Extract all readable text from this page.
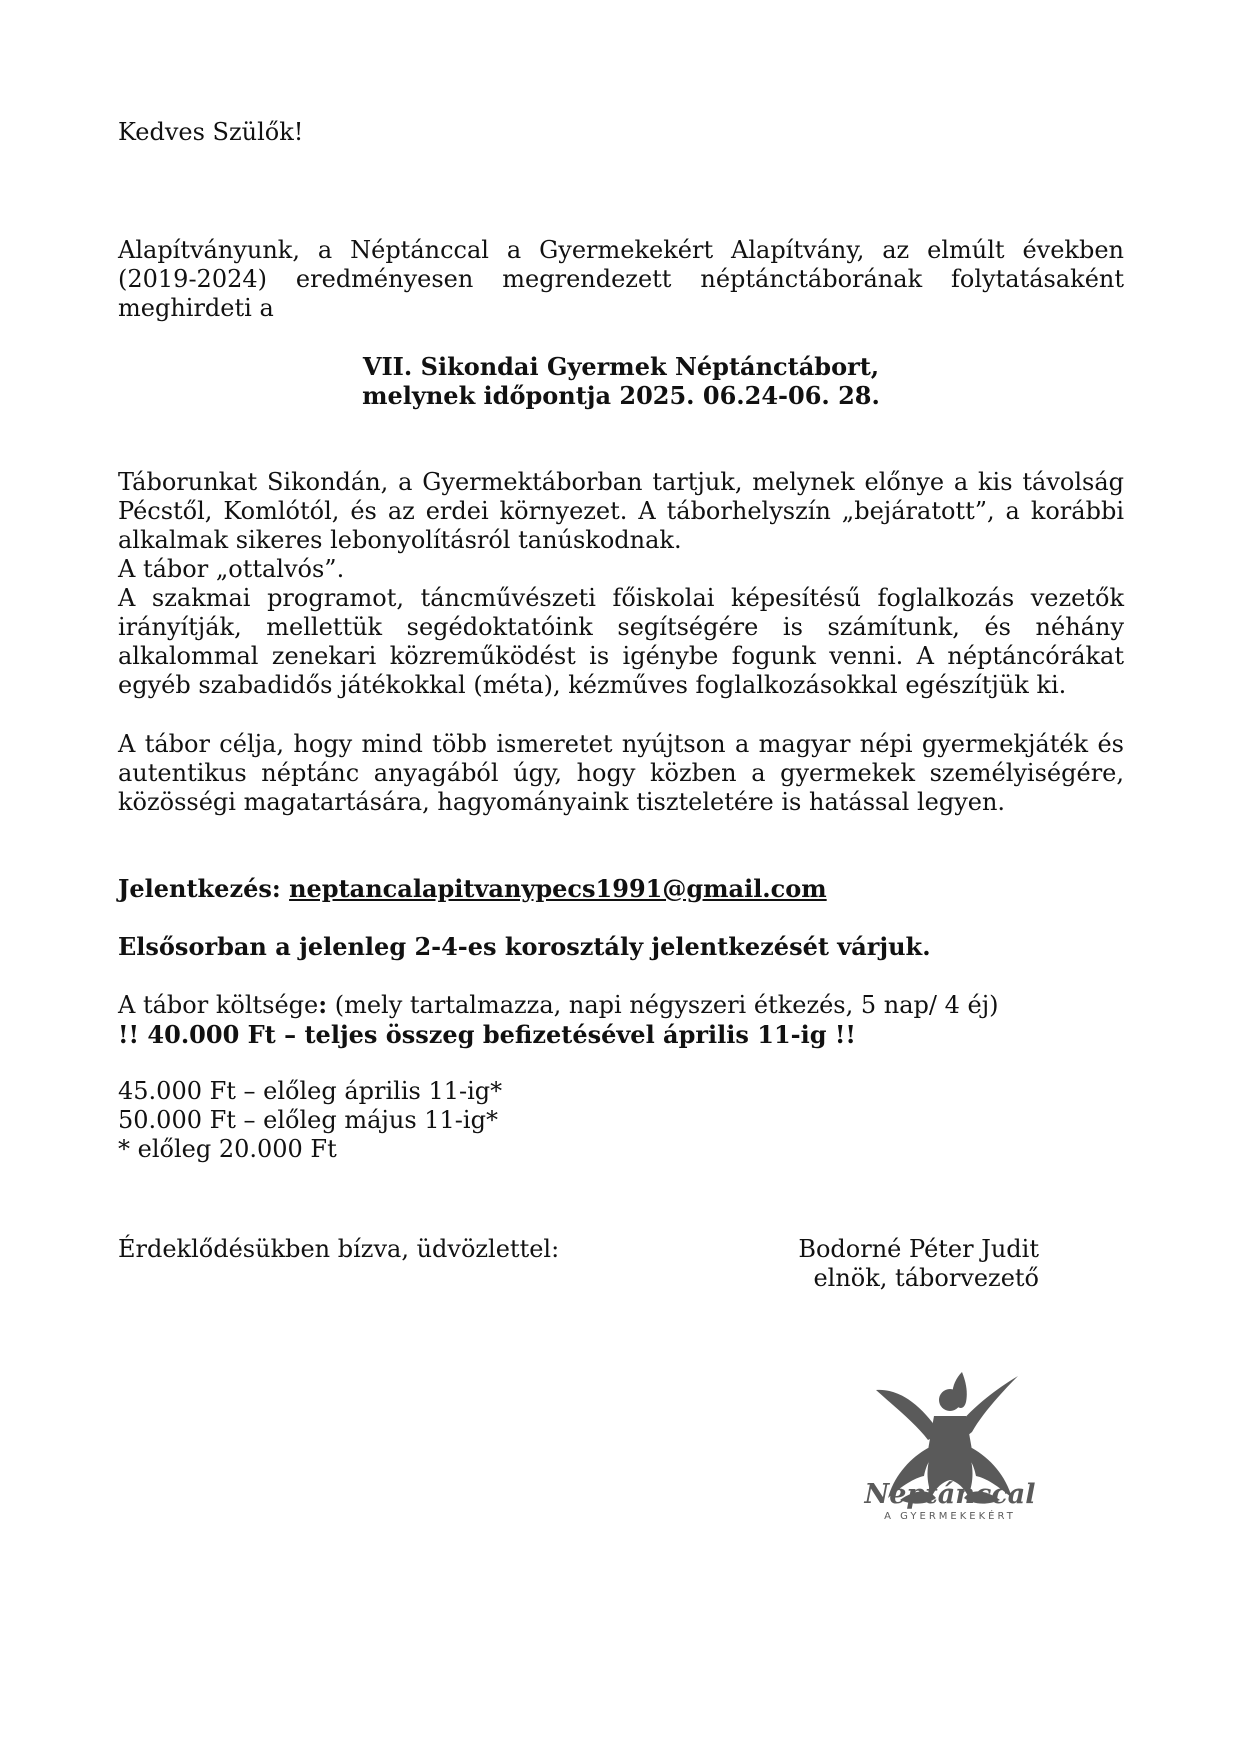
Kedves Szülők!

Alapítványunk, a Néptánccal a Gyermekekért Alapítvány, az elmúlt években (2019-2024) eredményesen megrendezett néptánctáborának folytatásaként meghirdeti a

VII. Sikondai Gyermek Néptánctábort,

melynek időpontja 2025. 06.24-06. 28.

Táborunkat Sikondán, a Gyermektáborban tartjuk, melynek előnye a kis távolság Pécstől, Komlótól, és az erdei környezet. A táborhelyszín „bejáratott”, a korábbi alkalmak sikeres lebonyolításról tanúskodnak.

A tábor „ottalvós”.

A szakmai programot, táncművészeti főiskolai képesítésű foglalkozás vezetők irányítják, mellettük segédoktatóink segítségére is számítunk, és néhány alkalommal zenekari közreműködést is igénybe fogunk venni. A néptáncórákat egyéb szabadidős játékokkal (méta), kézműves foglalkozásokkal egészítjük ki.

A tábor célja, hogy mind több ismeretet nyújtson a magyar népi gyermekjáték és autentikus néptánc anyagából úgy, hogy közben a gyermekek személyiségére, közösségi magatartására, hagyományaink tiszteletére is hatással legyen.

Jelentkezés: neptancalapitvanypecs1991@gmail.com

Elsősorban a jelenleg 2-4-es korosztály jelentkezését várjuk.

A tábor költsége: (mely tartalmazza, napi négyszeri étkezés, 5 nap/ 4 éj)

!! 40.000 Ft – teljes összeg befizetésével április 11-ig !!

45.000 Ft – előleg április 11-ig*

50.000 Ft – előleg május 11-ig*

* előleg 20.000 Ft

Érdeklődésükben bízva, üdvözlettel:	Bodorné Péter Judit

elnök, táborvezető

Néptánccal
A GYERMEKEKÉRT
